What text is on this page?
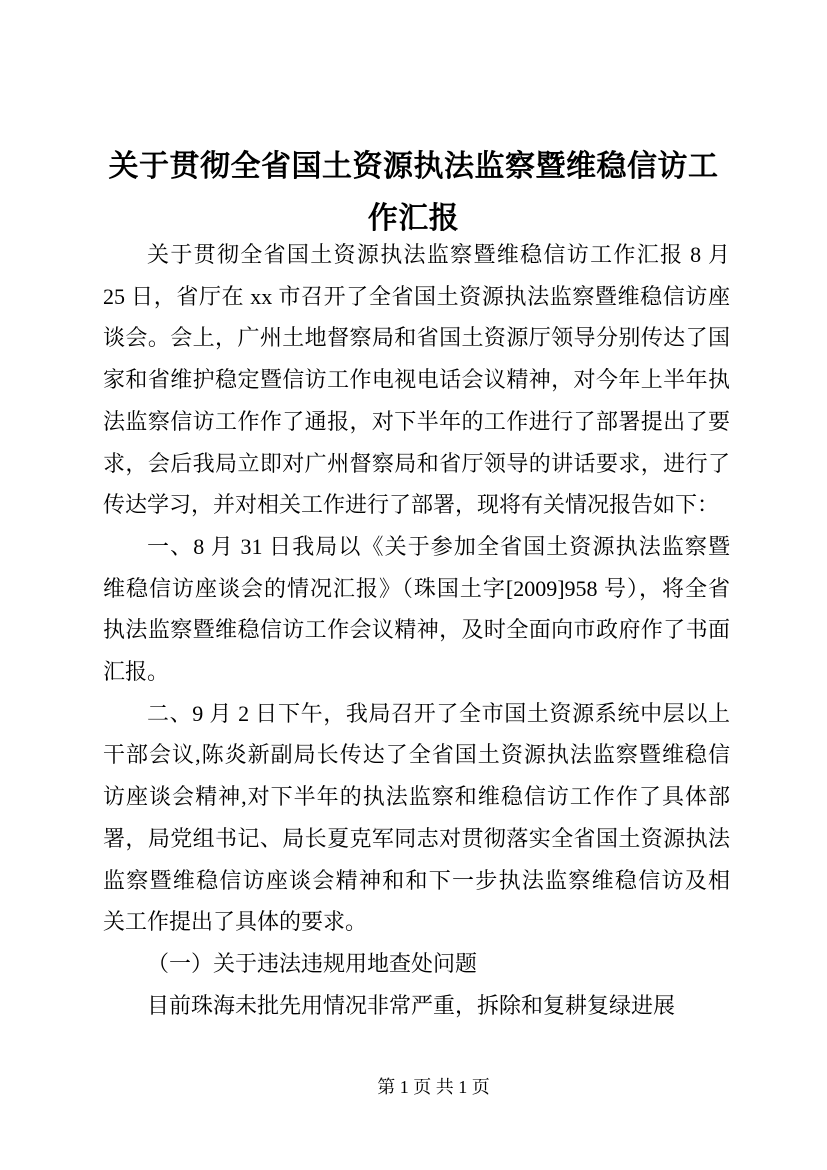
关于贯彻全省国土资源执法监察暨维稳信访工作汇报
关于贯彻全省国土资源执法监察暨维稳信访工作汇报 8 月
25 日，省厅在 xx 市召开了全省国土资源执法监察暨维稳信访座
谈会。会上，广州土地督察局和省国土资源厅领导分别传达了国
家和省维护稳定暨信访工作电视电话会议精神，对今年上半年执
法监察信访工作作了通报，对下半年的工作进行了部署提出了要
求，会后我局立即对广州督察局和省厅领导的讲话要求，进行了
传达学习，并对相关工作进行了部署，现将有关情况报告如下：
一、8 月 31 日我局以《关于参加全省国土资源执法监察暨
维稳信访座谈会的情况汇报》（珠国土字[2009]958 号），将全省
执法监察暨维稳信访工作会议精神，及时全面向市政府作了书面
汇报。
二、9 月 2 日下午，我局召开了全市国土资源系统中层以上
干部会议,陈炎新副局长传达了全省国土资源执法监察暨维稳信
访座谈会精神,对下半年的执法监察和维稳信访工作作了具体部
署，局党组书记、局长夏克军同志对贯彻落实全省国土资源执法
监察暨维稳信访座谈会精神和和下一步执法监察维稳信访及相
关工作提出了具体的要求。
（一）关于违法违规用地查处问题
目前珠海未批先用情况非常严重，拆除和复耕复绿进展
第 1 页 共 1 页
